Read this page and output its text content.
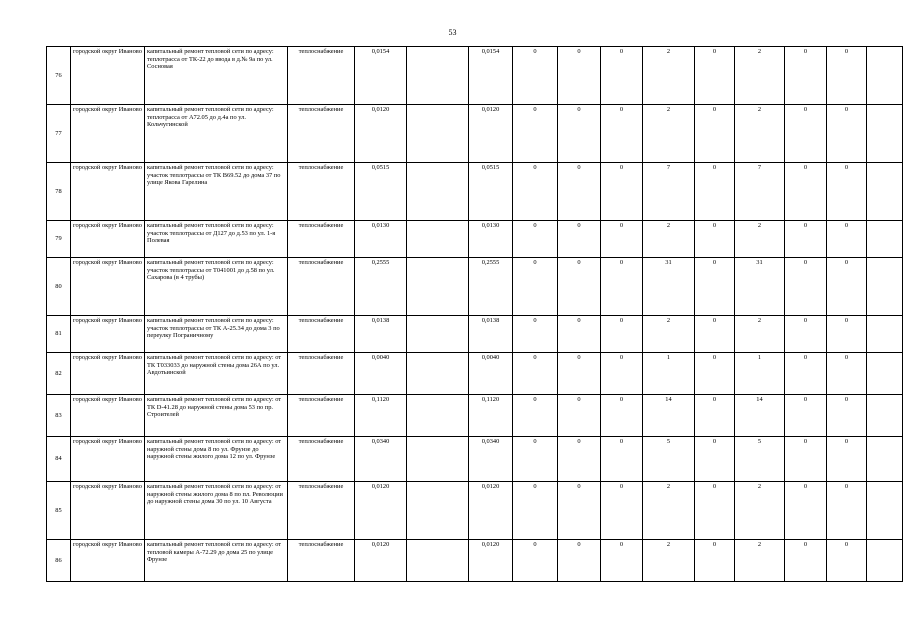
53
76	городской округ Иваново	капитальный ремонт тепловой сети по адресу: теплотрасса от ТК-22 до ввода в д.№ 9а по ул. Сосновая	теплоснабжение	0,0154		0,0154	0	0	0	2	0	2	0	0	
77	городской округ Иваново	капитальный ремонт тепловой сети по адресу: теплотрасса от А72.05 до д.4а по ул. Кольчугинской	теплоснабжение	0,0120		0,0120	0	0	0	2	0	2	0	0	
78	городской округ Иваново	капитальный ремонт тепловой сети по адресу: участок теплотрассы от ТК В69.52 до дома 37 по улице Якова Гарелина	теплоснабжение	0,0515		0,0515	0	0	0	7	0	7	0	0	
79	городской округ Иваново	капитальный ремонт тепловой сети по адресу: участок теплотрассы от Д127 до д.53 по ул. 1-я Полевая	теплоснабжение	0,0130		0,0130	0	0	0	2	0	2	0	0	
80	городской округ Иваново	капитальный ремонт тепловой сети по адресу: участок теплотрассы от Т041001 до д.58 по ул. Сахарова (в 4 трубы)	теплоснабжение	0,2555		0,2555	0	0	0	31	0	31	0	0	
81	городской округ Иваново	капитальный ремонт тепловой сети по адресу: участок теплотрассы от ТК А-25.34 до дома 3 по переулку Пограничному	теплоснабжение	0,0138		0,0138	0	0	0	2	0	2	0	0	
82	городской округ Иваново	капитальный ремонт тепловой сети по адресу: от ТК Т033033 до наружной стены дома 26А по ул. Авдотьинской	теплоснабжение	0,0040		0,0040	0	0	0	1	0	1	0	0	
83	городской округ Иваново	капитальный ремонт тепловой сети по адресу: от ТК D-41.28 до наружной стены дома 53 по пр. Строителей	теплоснабжение	0,1120		0,1120	0	0	0	14	0	14	0	0	
84	городской округ Иваново	капитальный ремонт тепловой сети по адресу: от наружной стены дома 8 по ул. Фрунзе до наружной стены жилого дома 12 по ул. Фрунзе	теплоснабжение	0,0340		0,0340	0	0	0	5	0	5	0	0	
85	городской округ Иваново	капитальный ремонт тепловой сети по адресу: от наружной стены жилого дома 8 по пл. Революции до наружной стены дома 30 по ул. 10 Августа	теплоснабжение	0,0120		0,0120	0	0	0	2	0	2	0	0	
86	городской округ Иваново	капитальный ремонт тепловой сети по адресу: от тепловой камеры А-72.29 до дома 25 по улице Фрунзе	теплоснабжение	0,0120		0,0120	0	0	0	2	0	2	0	0	
